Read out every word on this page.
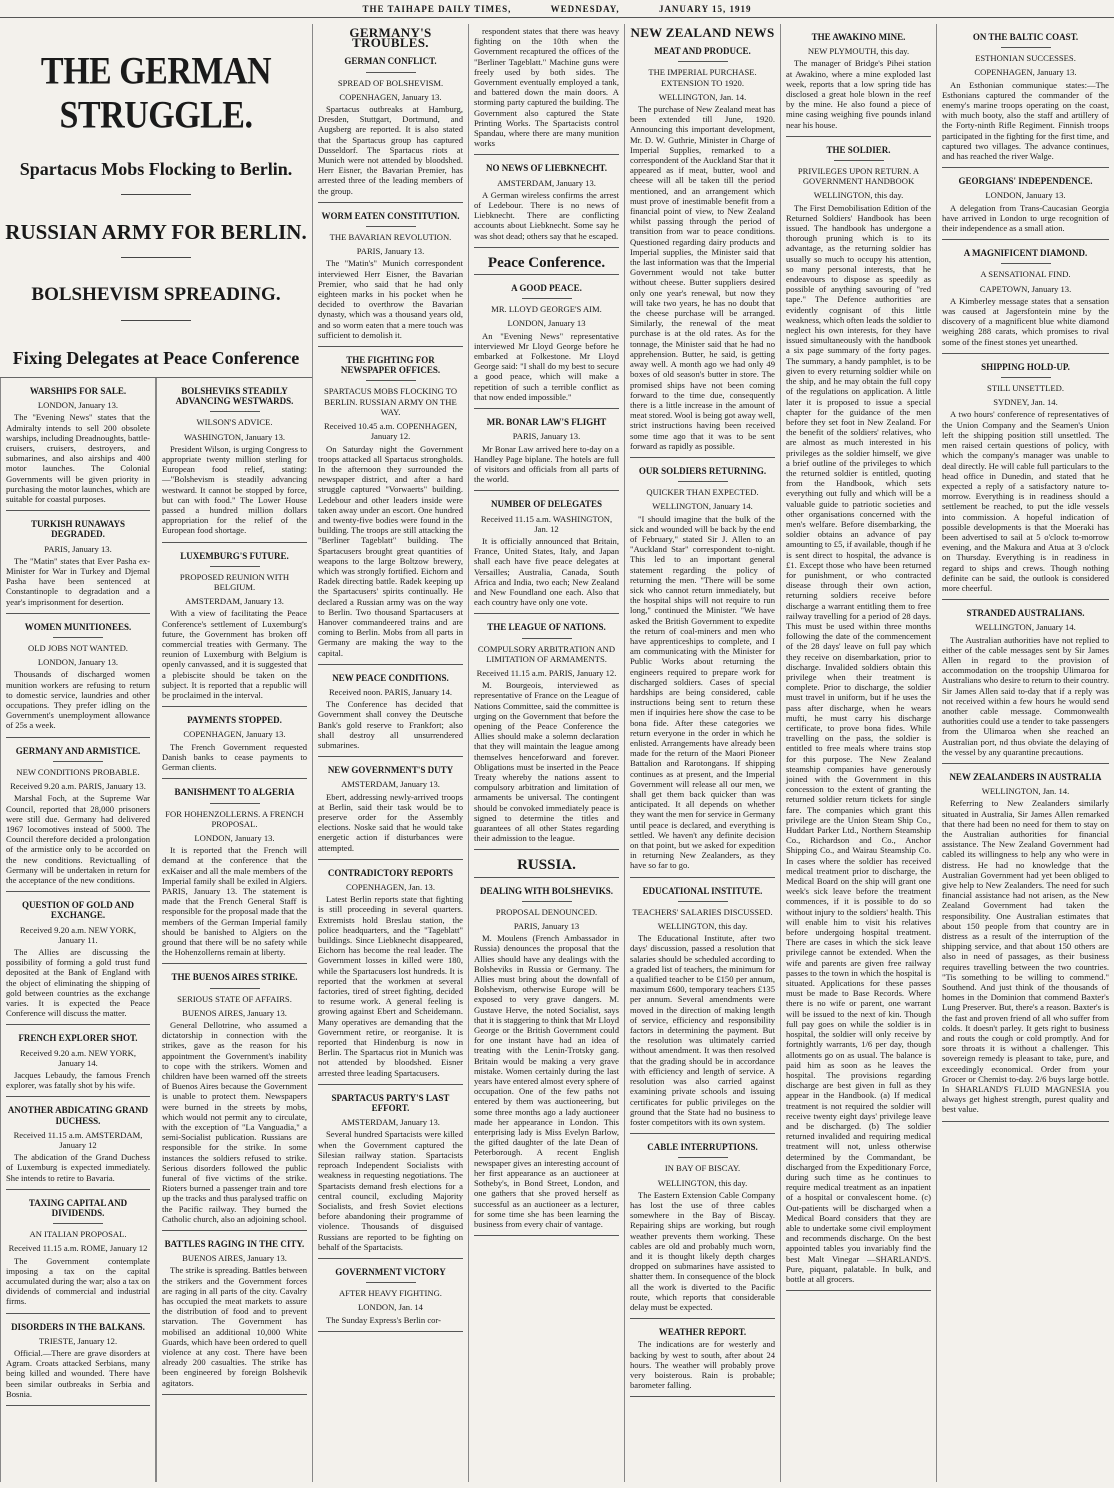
THE TAIHAPE DAILY TIMES,	WEDNESDAY,	JANUARY 15, 1919
THE GERMAN STRUGGLE.
Spartacus Mobs Flocking to Berlin.
RUSSIAN ARMY FOR BERLIN.
BOLSHEVISM SPREADING.
Fixing Delegates at Peace Conference
WARSHIPS FOR SALE.
LONDON, January 13.

The "Evening News" states that the Admiralty intends to sell 200 obsolete warships, including Dreadnoughts, battle-cruisers, cruisers, destroyers, and submarines, and also airships and 400 motor launches. The Colonial Governments will be given priority in purchasing the motor launches, which are suitable for coastal purposes.

TURKISH RUNAWAYS DEGRADED.
PARIS, January 13.

The "Matin" states that Ever Pasha ex-Minister for War in Turkey and Djemal Pasha have been sentenced at Constantinople to degradation and a year's imprisonment for desertion.

WOMEN MUNITIONEES.
OLD JOBS NOT WANTED.
LONDON, January 13.

Thousands of discharged women munition workers are refusing to return to domestic service, laundries and other occupations. They prefer idling on the Government's unemployment allowance of 25s a week.

GERMANY AND ARMISTICE.
NEW CONDITIONS PROBABLE.
Received 9.20 a.m. PARIS, January 13.

Marshal Foch, at the Supreme War Council, reported that 28,000 prisoners were still due. Germany had delivered 1967 locomotives instead of 5000. The Council therefore decided a prolongation of the armistice only to be accorded on the new conditions. Revictualling of Germany will be undertaken in return for the acceptance of the new conditions.

QUESTION OF GOLD AND EXCHANGE.
Received 9.20 a.m. NEW YORK, January 11.

The Allies are discussing the possibility of forming a gold trust fund deposited at the Bank of England with the object of eliminating the shipping of gold between countries as the exchange varies. It is expected the Peace Conference will discuss the matter.

FRENCH EXPLORER SHOT.
Received 9.20 a.m. NEW YORK, January 14.

Jacques Lebaudy, the famous French explorer, was fatally shot by his wife.

ANOTHER ABDICATING GRAND DUCHESS.
Received 11.15 a.m. AMSTERDAM, January 12

The abdication of the Grand Duchess of Luxemburg is expected immediately. She intends to retire to Bavaria.

TAXING CAPITAL AND DIVIDENDS.
AN ITALIAN PROPOSAL.
Received 11.15 a.m. ROME, January 12

The Government contemplate imposing a tax on the capital accumulated during the war; also a tax on dividends of commercial and industrial firms.

DISORDERS IN THE BALKANS.
TRIESTE, January 12.

Official.—There are grave disorders at Agram. Croats attacked Serbians, many being killed and wounded. There have been similar outbreaks in Serbia and Bosnia.

BOLSHEVIKS STEADILY ADVANCING WESTWARDS.
WILSON'S ADVICE.
WASHINGTON, January 13.

President Wilson, is urging Congress to appropriate twenty million sterling for European food relief, stating:—"Bolshevism is steadily advancing westward. It cannot be stopped by force, but can with food." The Lower House passed a hundred million dollars appropriation for the relief of the European food shortage.

LUXEMBURG'S FUTURE.
PROPOSED REUNION WITH BELGIUM.
AMSTERDAM, January 13.

With a view of facilitating the Peace Conference's settlement of Luxemburg's future, the Government has broken off commercial treaties with Germany. The reunion of Luxemburg with Belgium is openly canvassed, and it is suggested that a plebiscite should be taken on the subject. It is reported that a republic will be proclaimed in the interval.

PAYMENTS STOPPED.
COPENHAGEN, January 13.

The French Government requested Danish banks to cease payments to German clients.

BANISHMENT TO ALGERIA
FOR HOHENZOLLERNS. A FRENCH PROPOSAL.
LONDON, January 13.

It is reported that the French will demand at the conference that the exKaiser and all the male members of the Imperial family shall be exiled in Algiers. PARIS, January 13. The statement is made that the French General Staff is responsible for the proposal made that the members of the German Imperial family should be banished to Algiers on the ground that there will be no safety while the Hohenzollerns remain at liberty.

THE BUENOS AIRES STRIKE.
SERIOUS STATE OF AFFAIRS.
BUENOS AIRES, January 13.

General Dellotrine, who assumed a dictatorship in connection with the strikes, gave as the reason for his appointment the Government's inability to cope with the strikers. Women and children have been warned off the streets of Buenos Aires because the Government is unable to protect them. Newspapers were burned in the streets by mobs, which would not permit any to circulate, with the exception of "La Vanguadia," a semi-Socialist publication. Russians are responsible for the strike. In some instances the soldiers refused to strike. Serious disorders followed the public funeral of five victims of the strike. Rioters burned a passenger train and tore up the tracks and thus paralysed traffic on the Pacific railway. They burned the Catholic church, also an adjoining school.

BATTLES RAGING IN THE CITY.
BUENOS AIRES, January 13.

The strike is spreading. Battles between the strikers and the Government forces are raging in all parts of the city. Cavalry has occupied the meat markets to assure the distribution of food and to prevent starvation. The Government has mobilised an additional 10,000 White Guards, which have been ordered to quell violence at any cost. There have been already 200 casualties. The strike has been engineered by foreign Bolshevik agitators.

GERMANY'S TROUBLES.
GERMAN CONFLICT.
SPREAD OF BOLSHEVISM.
COPENHAGEN, January 13.

Spartacus outbreaks at Hamburg, Dresden, Stuttgart, Dortmund, and Augsberg are reported. It is also stated that the Spartacus group has captured Dusseldorf. The Spartacus riots at Munich were not attended by bloodshed. Herr Eisner, the Bavarian Premier, has arrested three of the leading members of the group.

WORM EATEN CONSTITUTION.
THE BAVARIAN REVOLUTION.
PARIS, January 13.

The "Matin's" Munich correspondent interviewed Herr Eisner, the Bavarian Premier, who said that he had only eighteen marks in his pocket when he decided to overthrow the Bavarian dynasty, which was a thousand years old, and so worm eaten that a mere touch was sufficient to demolish it.

THE FIGHTING FOR NEWSPAPER OFFICES.
SPARTACUS MOBS FLOCKING TO BERLIN. RUSSIAN ARMY ON THE WAY.
Received 10.45 a.m. COPENHAGEN, January 12.

On Saturday night the Government troops attacked all Spartacus strongholds. In the afternoon they surrounded the newspaper district, and after a hard struggle captured "Vorwaerts" building. Ledebour and other leaders inside were taken away under an escort. One hundred and twenty-five bodies were found in the building. The troops are still attacking the "Berliner Tageblatt" building. The Spartacusers brought great quantities of weapons to the large Boltzow brewery, which was strongly fortified. Eichorn and Radek directing battle. Radek keeping up the Spartacusers' spirits continually. He declared a Russian army was on the way to Berlin. Two thousand Spartacusers at Hanover commandeered trains and are coming to Berlin. Mobs from all parts in Germany are making the way to the capital.

NEW PEACE CONDITIONS.
Received noon. PARIS, January 14.

The Conference has decided that Government shall convey the Deutsche Bank's gold reserve to Frankfort; also shall destroy all unsurrendered submarines.

NEW GOVERNMENT'S DUTY
AMSTERDAM, January 13.

Ebert, addressing newly-arrived troops at Berlin, said their task would be to preserve order for the Assembly elections. Noske said that he would take energetic action if disturbances were attempted.

CONTRADICTORY REPORTS
COPENHAGEN, Jan. 13.

Latest Berlin reports state that fighting is still proceeding in several quarters. Extremists hold Breslau station, the police headquarters, and the "Tageblatt" buildings. Since Liebknecht disappeared, Eichorn has become the real leader. The Government losses in killed were 180, while the Spartacusers lost hundreds. It is reported that the workmen at several factories, tired of street fighting, decided to resume work. A general feeling is growing against Ebert and Scheidemann. Many operatives are demanding that the Government retire, or reorganise. It is reported that Hindenburg is now in Berlin. The Spartacus riot in Munich was not attended by bloodshed. Eisner arrested three leading Spartacusers.

SPARTACUS PARTY'S LAST EFFORT.
AMSTERDAM, January 13.

Several hundred Spartacists were killed when the Government captured the Silesian railway station. Spartacists reproach Independent Socialists with weakness in requesting negotiations. The Spartacists demand fresh elections for a central council, excluding Majority Socialists, and fresh Soviet elections before abandoning their programme of violence. Thousands of disguised Russians are reported to be fighting on behalf of the Spartacists.

GOVERNMENT VICTORY
AFTER HEAVY FIGHTING.
LONDON, Jan. 14

The Sunday Express's Berlin cor-

respondent states that there was heavy fighting on the 10th when the Government recaptured the offices of the "Berliner Tageblatt." Machine guns were freely used by both sides. The Government eventually employed a tank, and battered down the main doors. A storming party captured the building. The Government also captured the State Printing Works. The Spartacists control Spandau, where there are many munition works

NO NEWS OF LIEBKNECHT.
AMSTERDAM, January 13.

A German wireless confirms the arrest of Ledebour. There is no news of Liebknecht. There are conflicting accounts about Liebknecht. Some say he was shot dead; others say that he escaped.

Peace Conference.
A GOOD PEACE.
MR. LLOYD GEORGE'S AIM.
LONDON, January 13

An "Evening News" representative interviewed Mr Lloyd George before he embarked at Folkestone. Mr Lloyd George said: "I shall do my best to secure a good peace, which will make a repetition of such a terrible conflict as that now ended impossible."

MR. BONAR LAW'S FLIGHT
PARIS, January 13.

Mr Bonar Law arrived here to-day on a Handley Page biplane. The hotels are full of visitors and officials from all parts of the world.

NUMBER OF DELEGATES
Received 11.15 a.m. WASHINGTON, Jan. 12

It is officially announced that Britain, France, United States, Italy, and Japan shall each have five peace delegates at Versailles; Australia, Canada, South Africa and India, two each; New Zealand and New Foundland one each. Also that each country have only one vote.

THE LEAGUE OF NATIONS.
COMPULSORY ARBITRATION AND LIMITATION OF ARMAMENTS.
Received 11.15 a.m. PARIS, January 12.

M. Bourgeois, interviewed as representative of France on the League of Nations Committee, said the committee is urging on the Government that before the opening of the Peace Conference the Allies should make a solemn declaration that they will maintain the league among themselves henceforward and forever. Obligations must be inserted in the Peace Treaty whereby the nations assent to compulsory arbitration and limitation of armaments be universal. The contingent should be convoked immediately peace is signed to determine the titles and guarantees of all other States regarding their admission to the league.

RUSSIA.
DEALING WITH BOLSHEVIKS.
PROPOSAL DENOUNCED.
PARIS, January 13

M. Moulens (French Ambassador in Russia) denounces the proposal that the Allies should have any dealings with the Bolsheviks in Russia or Germany. The Allies must bring about the downfall of Bolshevism, otherwise Europe will be exposed to very grave dangers. M. Gustave Herve, the noted Socialist, says that it is staggering to think that Mr Lloyd George or the British Government could for one instant have had an idea of treating with the Lenin-Trotsky gang. Britain would be making a very grave mistake. Women certainly during the last years have entered almost every sphere of occupation. One of the few paths not entered by them was auctioneering, but some three months ago a lady auctioneer made her appearance in London. This enterprising lady is Miss Evelyn Barlow, the gifted daughter of the late Dean of Peterborough. A recent English newspaper gives an interesting account of her first appearance as an auctioneer at Sotheby's, in Bond Street, London, and one gathers that she proved herself as successful as an auctioneer as a lecturer, for some time she has been learning the business from every chair of vantage.

NEW ZEALAND NEWS
MEAT AND PRODUCE.
THE IMPERIAL PURCHASE. EXTENSION TO 1920.
WELLINGTON, Jan. 14.

The purchase of New Zealand meat has been extended till June, 1920. Announcing this important development, Mr. D. W. Guthrie, Minister in Charge of Imperial Supplies, remarked to a correspondent of the Auckland Star that it appeared as if meat, butter, wool and cheese will all be taken till the period mentioned, and an arrangement which must prove of inestimable benefit from a financial point of view, to New Zealand whilst passing through the period of transition from war to peace conditions. Questioned regarding dairy products and Imperial supplies, the Minister said that the last information was that the Imperial Government would not take butter without cheese. Butter suppliers desired only one year's renewal, but now they will take two years, he has no doubt that the cheese purchase will be arranged. Similarly, the renewal of the meat purchase is at the old rates. As for the tonnage, the Minister said that he had no apprehension. Butter, he said, is getting away well. A month ago we had only 49 boxes of old season's butter in store. The promised ships have not been coming forward to the time due, consequently there is a little increase in the amount of meat stored. Wool is being got away well, strict instructions having been received some time ago that it was to be sent forward as rapidly as possible.

OUR SOLDIERS RETURNING.
QUICKER THAN EXPECTED.
WELLINGTON, January 14.

"I should imagine that the bulk of the sick and wounded will be back by the end of February," stated Sir J. Allen to an "Auckland Star" correspondent to-night. This led to an important general statement regarding the policy of returning the men. "There will be some sick who cannot return immediately, but the hospital ships will not require to run long," continued the Minister. "We have asked the British Government to expedite the return of coal-miners and men who have apprenticeships to complete, and I am communicating with the Minister for Public Works about returning the engineers required to prepare work for discharged soldiers. Cases of special hardships are being considered, cable instructions being sent to return these men if inquiries here show the case to be bona fide. After these categories we return everyone in the order in which he enlisted. Arrangements have already been made for the return of the Maori Pioneer Battalion and Rarotongans. If shipping continues as at present, and the Imperial Government will release all our men, we shall get them back quicker than was anticipated. It all depends on whether they want the men for service in Germany until peace is declared, and everything is settled. We haven't any definite decision on that point, but we asked for expedition in returning New Zealanders, as they have so far to go.

EDUCATIONAL INSTITUTE.
TEACHERS' SALARIES DISCUSSED.
WELLINGTON, this day.

The Educational Institute, after two days' discussion, passed a resolution that salaries should be scheduled according to a graded list of teachers, the minimum for a qualified teacher to be £150 per annum, maximum £600, temporary teachers £135 per annum. Several amendments were moved in the direction of making length of service, efficiency and responsibility factors in determining the payment. But the resolution was ultimately carried without amendment. It was then resolved that the grading should be in accordance with efficiency and length of service. A resolution was also carried against examining private schools and issuing certificates for public privileges on the ground that the State had no business to foster competitors with its own system.

CABLE INTERRUPTIONS.
IN BAY OF BISCAY.
WELLINGTON, this day.

The Eastern Extension Cable Company has lost the use of three cables somewhere in the Bay of Biscay. Repairing ships are working, but rough weather prevents them working. These cables are old and probably much worn, and it is thought likely depth charges dropped on submarines have assisted to shatter them. In consequence of the block all the work is diverted to the Pacific route, which reports that considerable delay must be expected.

WEATHER REPORT.

The indications are for westerly and backing by west to south, after about 24 hours. The weather will probably prove very boisterous. Rain is probable; barometer falling.

THE AWAKINO MINE.
NEW PLYMOUTH, this day.

The manager of Bridge's Pihei station at Awakino, where a mine exploded last week, reports that a low spring tide has disclosed a great hole blown in the reef by the mine. He also found a piece of mine casing weighing five pounds inland near his house.

THE SOLDIER.
PRIVILEGES UPON RETURN. A GOVERNMENT HANDBOOK
WELLINGTON, this day.

The First Demobilisation Edition of the Returned Soldiers' Handbook has been issued. The handbook has undergone a thorough pruning which is to its advantage, as the returning soldier has usually so much to occupy his attention, so many personal interests, that he endeavours to dispose as speedily as possible of anything savouring of "red tape." The Defence authorities are evidently cognisant of this little weakness, which often leads the soldier to neglect his own interests, for they have issued simultaneously with the handbook a six page summary of the forty pages. The summary, a handy pamphlet, is to be given to every returning soldier while on the ship, and he may obtain the full copy of the regulations on application. A little later it is proposed to issue a special chapter for the guidance of the men before they set foot in New Zealand. For the benefit of the soldiers' relatives, who are almost as much interested in his privileges as the soldier himself, we give a brief outline of the privileges to which the returned soldier is entitled, quoting from the Handbook, which sets everything out fully and which will be a valuable guide to patriotic societies and other organisations concerned with the men's welfare. Before disembarking, the soldier obtains an advance of pay amounting to £5, if available, though if he is sent direct to hospital, the advance is £1. Except those who have been returned for punishment, or who contracted disease through their own action, returning soldiers receive before discharge a warrant entitling them to free railway travelling for a period of 28 days. This must be used within three months following the date of the commencement of the 28 days' leave on full pay which they receive on disembarkation, prior to discharge. Invalided soldiers obtain this privilege when their treatment is complete. Prior to discharge, the soldier must travel in uniform, but if he uses the pass after discharge, when he wears mufti, he must carry his discharge certificate, to prove bona fides. While travelling on the pass, the soldier is entitled to free meals where trains stop for this purpose. The New Zealand steamship companies have generously joined with the Government in this concession to the extent of granting the returned soldier return tickets for single fare. The companies which grant this privilege are the Union Steam Ship Co., Huddart Parker Ltd., Northern Steamship Co., Richardson and Co., Anchor Shipping Co., and Wairau Steamship Co. In cases where the soldier has received medical treatment prior to discharge, the Medical Board on the ship will grant one week's sick leave before the treatment commences, if it is possible to do so without injury to the soldiers' health. This will enable him to visit his relatives before undergoing hospital treatment. There are cases in which the sick leave privilege cannot be extended. When the wife and parents are given free railway passes to the town in which the hospital is situated. Applications for these passes must be made to Base Records. Where there is no wife or parent, one warrant will be issued to the next of kin. Though full pay goes on while the soldier is in hospital, the soldier will only receive by fortnightly warrants, 1/6 per day, though allotments go on as usual. The balance is paid him as soon as he leaves the hospital. The provisions regarding discharge are best given in full as they appear in the Handbook. (a) If medical treatment is not required the soldier will receive twenty eight days' privilege leave and be discharged. (b) The soldier returned invalided and requiring medical treatment will not, unless otherwise determined by the Commandant, be discharged from the Expeditionary Force, during such time as he continues to require medical treatment as an inpatient of a hospital or convalescent home. (c) Out-patients will be discharged when a Medical Board considers that they are able to undertake some civil employment and recommends discharge. On the best appointed tables you invariably find the best Malt Vinegar —SHARLAND'S. Pure, piquant, palatable. In bulk, and bottle at all grocers.

ON THE BALTIC COAST.
ESTHONIAN SUCCESSES.
COPENHAGEN, January 13.

An Esthonian communique states:—The Esthonians captured the commander of the enemy's marine troops operating on the coast, with much booty, also the staff and artillery of the Forty-ninth Rifle Regiment. Finnish troops participated in the fighting for the first time, and captured two villages. The advance continues, and has reached the river Walge.

GEORGIANS' INDEPENDENCE.
LONDON, January 13.

A delegation from Trans-Caucasian Georgia have arrived in London to urge recognition of their independence as a small ation.

A MAGNIFICENT DIAMOND.
A SENSATIONAL FIND.
CAPETOWN, January 13.

A Kimberley message states that a sensation was caused at Jagersfontein mine by the discovery of a magnificent blue white diamond weighing 288 carats, which promises to rival some of the finest stones yet unearthed.

SHIPPING HOLD-UP.
STILL UNSETTLED.
SYDNEY, Jan. 14.

A two hours' conference of representatives of the Union Company and the Seamen's Union left the shipping position still unsettled. The men raised certain questions of policy, with which the company's manager was unable to deal directly. He will cable full particulars to the head office in Dunedin, and stated that he expected a reply of a satisfactory nature to-morrow. Everything is in readiness should a settlement be reached, to put the idle vessels into commission. A hopeful indication of possible developments is that the Moeraki has been advertised to sail at 5 o'clock to-morrow evening, and the Makura and Atua at 3 o'clock on Thursday. Everything is in readiness in regard to ships and crews. Though nothing definite can be said, the outlook is considered more cheerful.

STRANDED AUSTRALIANS.
WELLINGTON, January 14.

The Australian authorities have not replied to either of the cable messages sent by Sir James Allen in regard to the provision of accommodation on the troopship Ulimaroa for Australians who desire to return to their country. Sir James Allen said to-day that if a reply was not received within a few hours he would send another cable message. Commonwealth authorities could use a tender to take passengers from the Ulimaroa when she reached an Australian port, nd thus obviate the delaying of the vessel by any quarantine precautions.

NEW ZEALANDERS IN AUSTRALIA
WELLINGTON, Jan. 14.

Referring to New Zealanders similarly situated in Australia, Sir James Allen remarked that there had been no need for them to stay on the Australian authorities for financial assistance. The New Zealand Government had cabled its willingness to help any who were in distress. He had no knowledge that the Australian Government had yet been obliged to give help to New Zealanders. The need for such financial assistance had not arisen, as the New Zealand Government had taken the responsibility. One Australian estimates that about 150 people from that country are in distress as a result of the interruption of the shipping service, and that about 150 others are also in need of passages, as their business requires travelling between the two countries. "Tis something to be willing to commend." Southend. And just think of the thousands of homes in the Dominion that commend Baxter's Lung Preserver. But, there's a reason. Baxter's is the fast and proven friend of all who suffer from colds. It doesn't parley. It gets right to business and routs the cough or cold promptly. And for sore throats it is without a challenger. This sovereign remedy is pleasant to take, pure, and exceedingly economical. Order from your Grocer or Chemist to-day. 2/6 buys large bottle. In SHARLAND'S FLUID MAGNESIA you always get highest strength, purest quality and best value.
